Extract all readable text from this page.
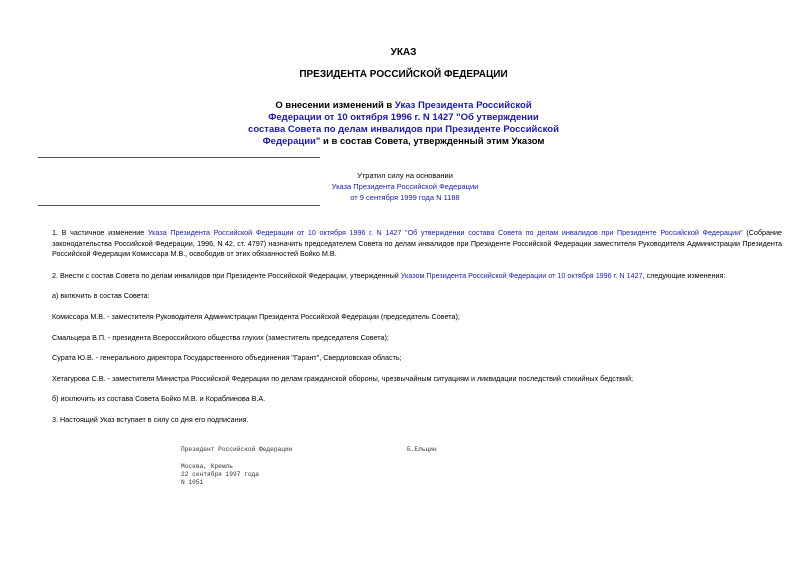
УКАЗ
ПРЕЗИДЕНТА РОССИЙСКОЙ ФЕДЕРАЦИИ
О внесении изменений в Указ Президента Российской
Федерации от 10 октября 1996 г. N 1427 "Об утверждении
состава Совета по делам инвалидов при Президенте Российской
Федерации" и в состав Совета, утвержденный этим Указом
Утратил силу на основании
Указа Президента Российской Федерации
от 9 сентября 1999 года N 1188
1. В частичное изменение Указа Президента Российской Федерации от 10 октября 1996 г. N 1427 "Об утверждении состава Совета по делам инвалидов при Президенте Российской Федерации" (Собрание законодательства Российской Федерации, 1996, N 42, ст. 4797) назначить председателем Совета по делам инвалидов при Президенте Российской Федерации заместителя Руководителя Администрации Президента Российской Федерации Комиссара М.В., освободив от этих обязанностей Бойко М.В.
2. Внести с состав Совета по делам инвалидов при Президенте Российской Федерации, утвержденный Указом Президента Российской Федерации от 10 октября 1996 г. N 1427, следующие изменения:
а) включить в состав Совета:
Комиссара М.В. - заместителя Руководителя Администрации Президента Российской Федерации (председатель Совета);
Смальцера В.П. - президента Всероссийского общества глухих (заместитель председателя Совета);
Сурата Ю.В. - генерального директора Государственного объединения "Гарант", Свердловская область;
Хетагурова С.В. - заместителя Министра Российской Федерации по делам гражданской обороны, чрезвычайным ситуациям и ликвидации последствий стихийных бедствий;
б) исключить из состава Совета Бойко М.В. и Кораблинова В.А.
3. Настоящий Указ вступает в силу со дня его подписания.
Президент Российской Федерации	Б.Ельцин
Москва, Кремль
22 сентября 1997 года
N 1051
